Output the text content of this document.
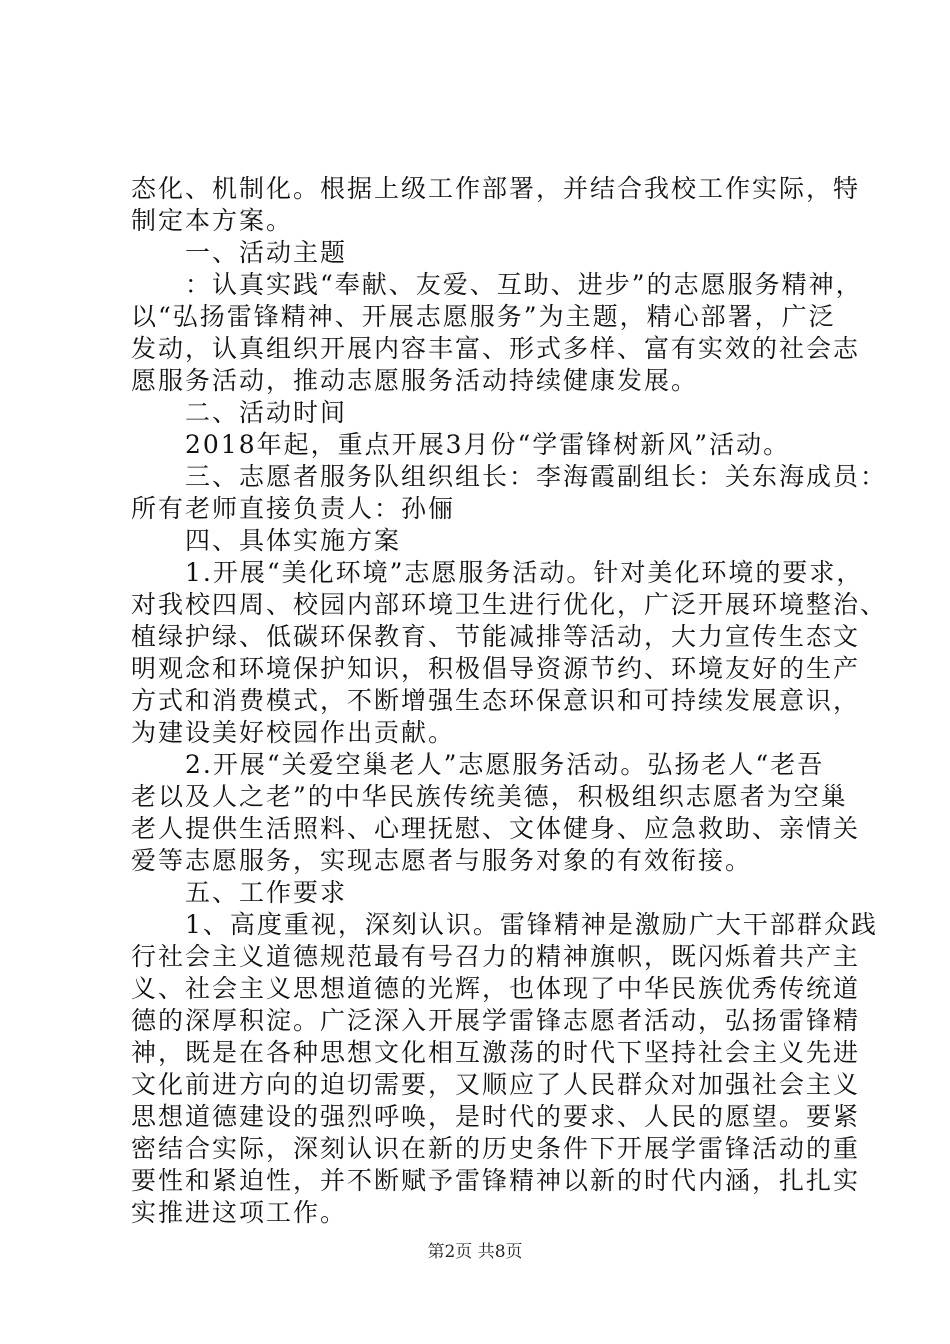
态化、机制化。根据上级工作部署，并结合我校工作实际，特
制定本方案。
　　一、活动主题
　　：认真实践“奉献、友爱、互助、进步”的志愿服务精神，
以“弘扬雷锋精神、开展志愿服务”为主题，精心部署，广泛
发动，认真组织开展内容丰富、形式多样、富有实效的社会志
愿服务活动，推动志愿服务活动持续健康发展。
　　二、活动时间
　　2018年起，重点开展3月份“学雷锋树新风”活动。
　　三、志愿者服务队组织组长：李海霞副组长：关东海成员：
所有老师直接负责人：孙俪
　　四、具体实施方案
　　1.开展“美化环境”志愿服务活动。针对美化环境的要求，
对我校四周、校园内部环境卫生进行优化，广泛开展环境整治、
植绿护绿、低碳环保教育、节能减排等活动，大力宣传生态文
明观念和环境保护知识，积极倡导资源节约、环境友好的生产
方式和消费模式，不断增强生态环保意识和可持续发展意识，
为建设美好校园作出贡献。
　　2.开展“关爱空巢老人”志愿服务活动。弘扬老人“老吾
老以及人之老”的中华民族传统美德，积极组织志愿者为空巢
老人提供生活照料、心理抚慰、文体健身、应急救助、亲情关
爱等志愿服务，实现志愿者与服务对象的有效衔接。
　　五、工作要求
　　1、高度重视，深刻认识。雷锋精神是激励广大干部群众践
行社会主义道德规范最有号召力的精神旗帜，既闪烁着共产主
义、社会主义思想道德的光辉，也体现了中华民族优秀传统道
德的深厚积淀。广泛深入开展学雷锋志愿者活动，弘扬雷锋精
神，既是在各种思想文化相互激荡的时代下坚持社会主义先进
文化前进方向的迫切需要，又顺应了人民群众对加强社会主义
思想道德建设的强烈呼唤，是时代的要求、人民的愿望。要紧
密结合实际，深刻认识在新的历史条件下开展学雷锋活动的重
要性和紧迫性，并不断赋予雷锋精神以新的时代内涵，扎扎实
实推进这项工作。
第2页 共8页
